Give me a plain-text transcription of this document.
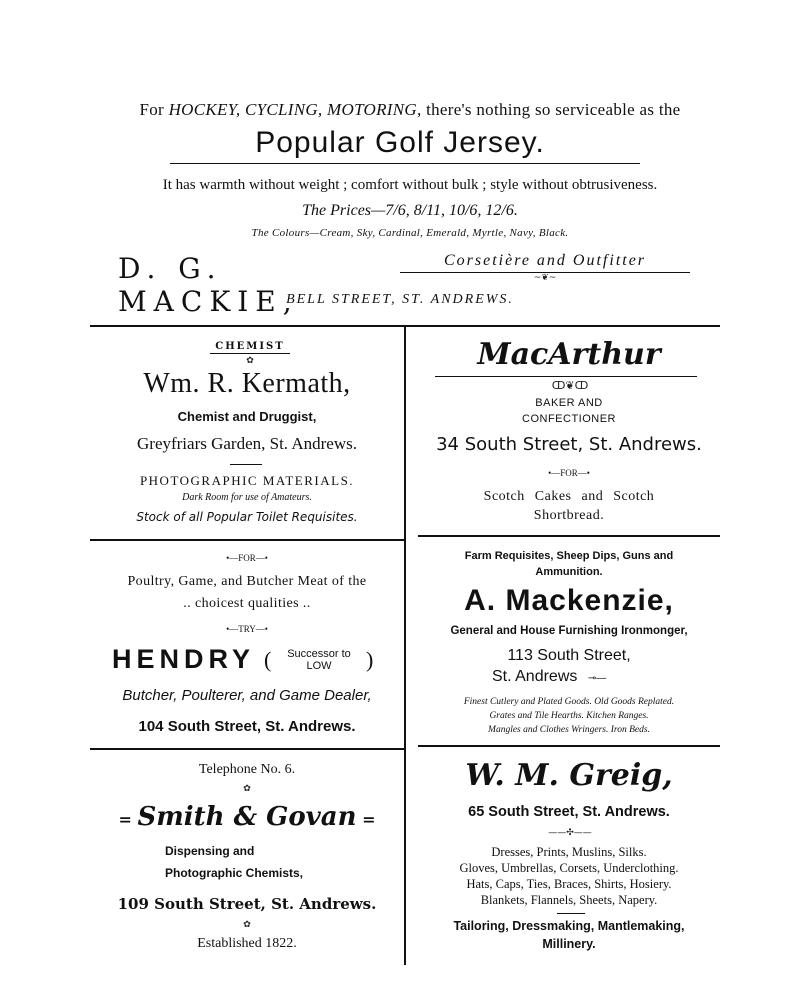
For HOCKEY, CYCLING, MOTORING, there's nothing so serviceable as the
Popular Golf Jersey.
It has warmth without weight ; comfort without bulk ; style without obtrusiveness.
The Prices—7/6, 8/11, 10/6, 12/6.
The Colours—Cream, Sky, Cardinal, Emerald, Myrtle, Navy, Black.
D. G. MACKIE,
Corsetière and Outfitter
~❦~
BELL STREET, ST. ANDREWS.
CHEMIST
✿
Wm. R. Kermath,
Chemist and Druggist,
Greyfriars Garden, St. Andrews.
PHOTOGRAPHIC MATERIALS.
Dark Room for use of Amateurs.
Stock of all Popular Toilet Requisites.
MacArthur
ↀ❦ↀ
BAKER AND
CONFECTIONER
34 South Street, St. Andrews.
•—FOR—•
Scotch Cakes and Scotch
Shortbread.
•—FOR—•
Poultry, Game, and Butcher Meat of the
.. choicest qualities ..
•—TRY—•
HENDRY (	Successor to
LOW	)
Butcher, Poulterer, and Game Dealer,
104 South Street, St. Andrews.
Farm Requisites, Sheep Dips, Guns and
Ammunition.
A. Mackenzie,
General and House Furnishing Ironmonger,
113 South Street,
St. Andrews ⊸—
Finest Cutlery and Plated Goods. Old Goods Replated.
Grates and Tile Hearths. Kitchen Ranges.
Mangles and Clothes Wringers. Iron Beds.
Telephone No. 6.
✿
= Smith & Govan =
Dispensing and
Photographic Chemists,
109 South Street, St. Andrews.
✿
Established 1822.
W. M. Greig,
65 South Street, St. Andrews.
——✣——
Dresses, Prints, Muslins, Silks.
Gloves, Umbrellas, Corsets, Underclothing.
Hats, Caps, Ties, Braces, Shirts, Hosiery.
Blankets, Flannels, Sheets, Napery.
Tailoring, Dressmaking, Mantlemaking,
Millinery.
